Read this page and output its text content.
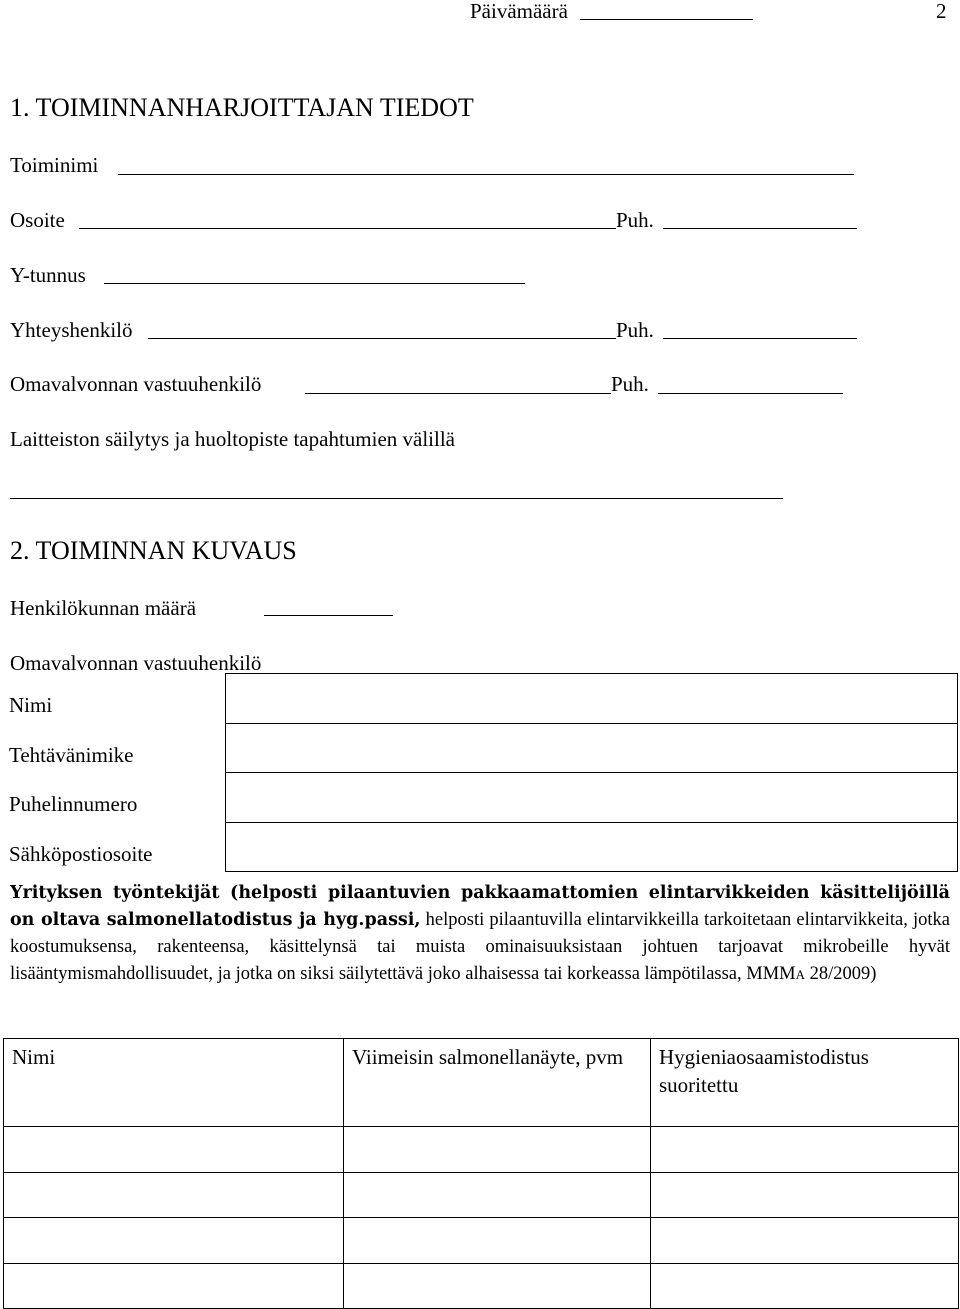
Päivämäärä	2
1. TOIMINNANHARJOITTAJAN TIEDOT
Toiminimi
Osoite	Puh.
Y-tunnus
Yhteyshenkilö	Puh.
Omavalvonnan vastuuhenkilö	Puh.
Laitteiston säilytys ja huoltopiste tapahtumien välillä
2. TOIMINNAN KUVAUS
Henkilökunnan määrä
Omavalvonnan vastuuhenkilö
Nimi	
Tehtävänimike	
Puhelinnumero	
Sähköpostiosoite	
Yrityksen työntekijät (helposti pilaantuvien pakkaamattomien elintarvikkeiden käsittelijöillä on oltava salmonellatodistus ja hyg.passi, helposti pilaantuvilla elintarvikkeilla tarkoitetaan elintarvikkeita, jotka koostumuksensa, rakenteensa, käsittelynsä tai muista ominaisuuksistaan johtuen tarjoavat mikrobeille hyvät lisääntymismahdollisuudet, ja jotka on siksi säilytettävä joko alhaisessa tai korkeassa lämpötilassa, MMMA 28/2009)
Nimi	Viimeisin salmonellanäyte, pvm	Hygieniaosaamistodistus suoritettu
